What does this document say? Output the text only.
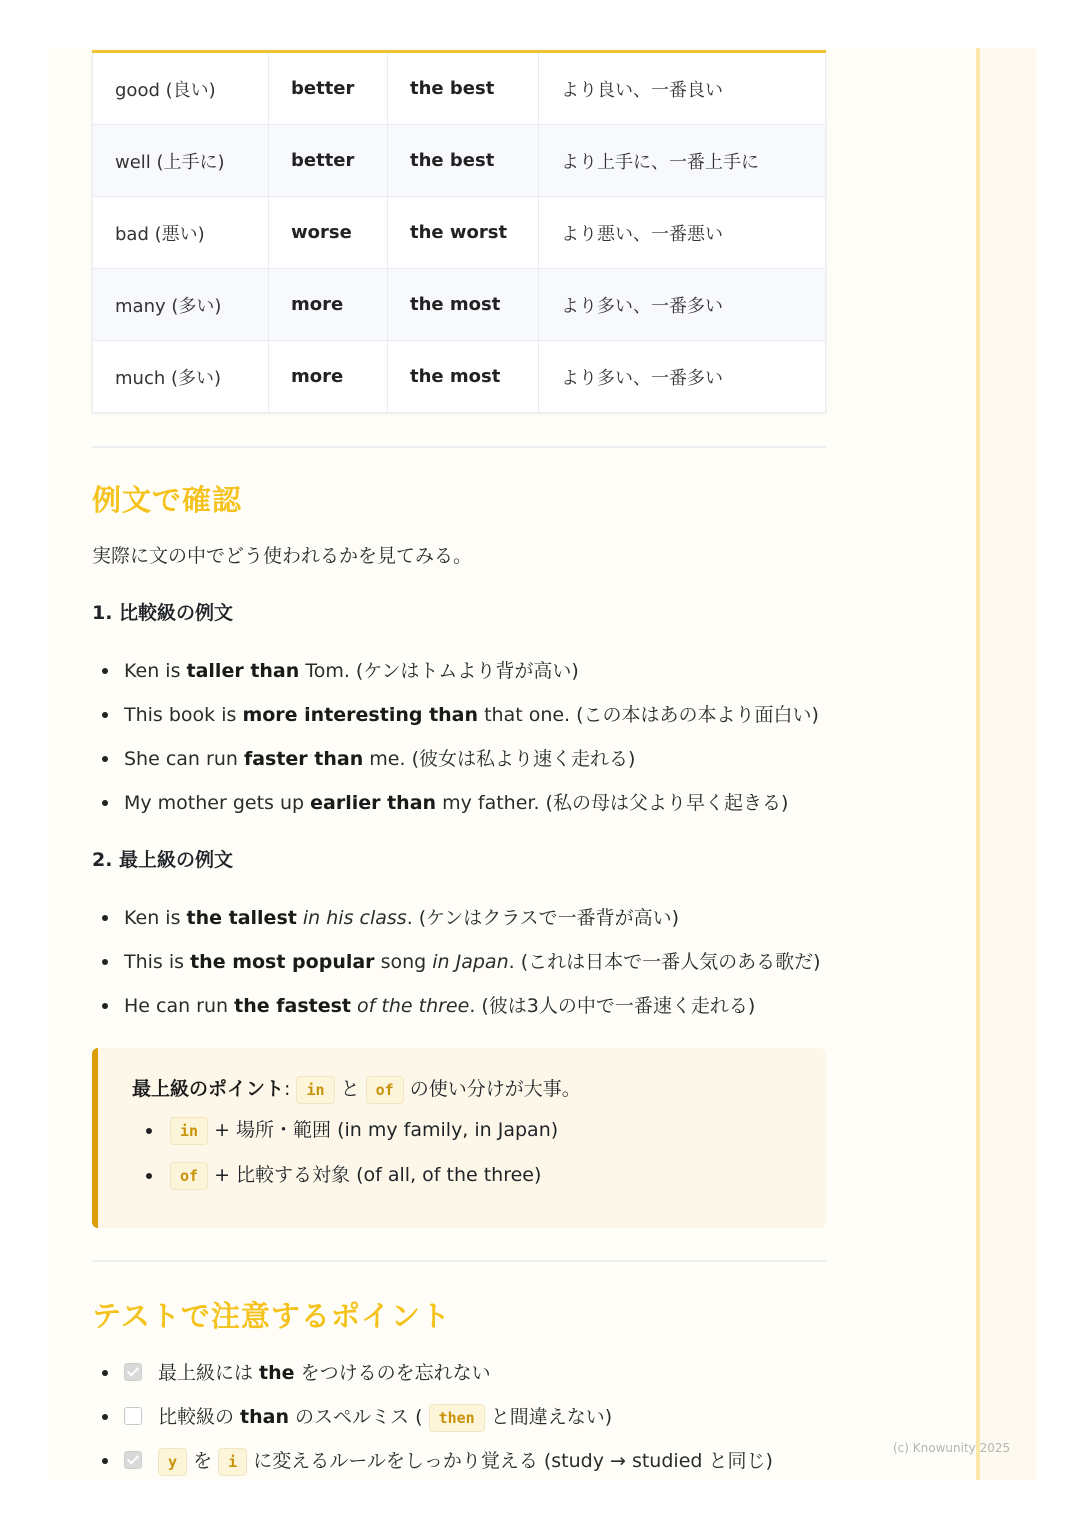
good (良い)	better	the best	より良い、一番良い
well (上手に)	better	the best	より上手に、一番上手に
bad (悪い)	worse	the worst	より悪い、一番悪い
many (多い)	more	the most	より多い、一番多い
much (多い)	more	the most	より多い、一番多い
例文で確認

実際に文の中でどう使われるかを見てみる。

1. 比較級の例文
Ken is taller than Tom. (ケンはトムより背が高い)
This book is more interesting than that one. (この本はあの本より面白い)
She can run faster than me. (彼女は私より速く走れる)
My mother gets up earlier than my father. (私の母は父より早く起きる)
2. 最上級の例文
Ken is the tallest in his class. (ケンはクラスで一番背が高い)
This is the most popular song in Japan. (これは日本で一番人気のある歌だ)
He can run the fastest of the three. (彼は3人の中で一番速く走れる)
最上級のポイント: in と of の使い分けが大事。
in + 場所・範囲 (in my family, in Japan)
of + 比較する対象 (of all, of the three)
テストで注意するポイント
最上級には the をつけるのを忘れない
比較級の than のスペルミス ( then と間違えない)
y を i に変えるルールをしっかり覚える (study → studied と同じ)
(c) Knowunity 2025
